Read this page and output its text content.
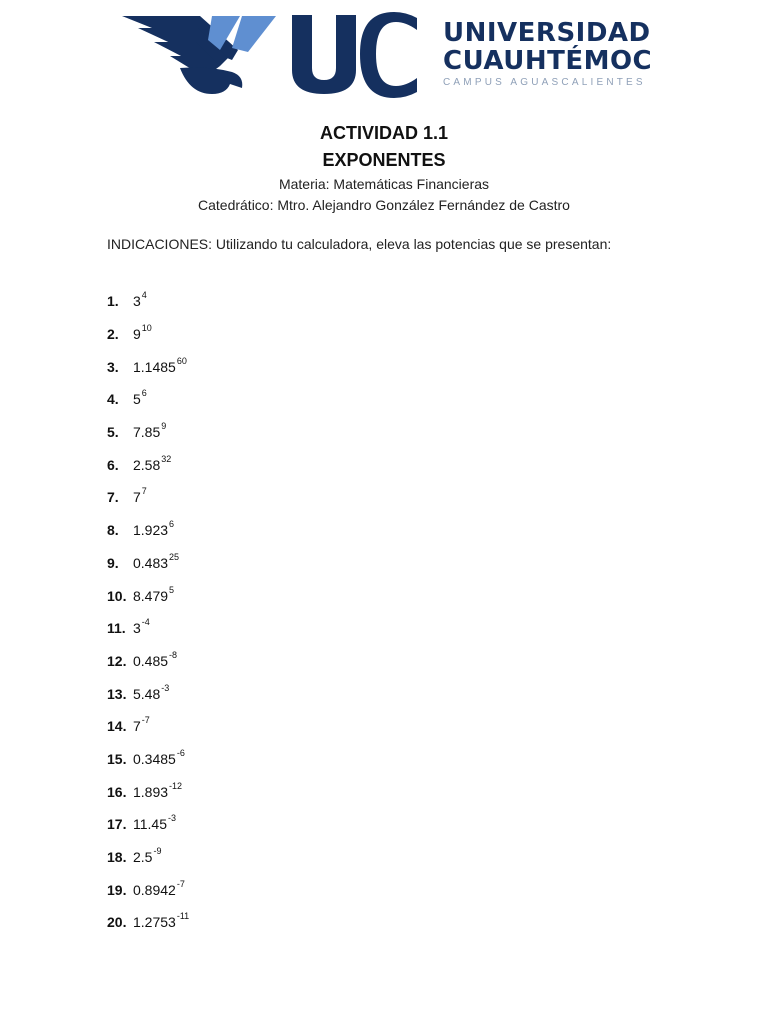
UNIVERSIDAD
CUAUHTÉMOC
CAMPUS AGUASCALIENTES
ACTIVIDAD 1.1
EXPONENTES
Materia: Matemáticas Financieras
Catedrático: Mtro. Alejandro González Fernández de Castro
INDICACIONES: Utilizando tu calculadora, eleva las potencias que se presentan:
1.	3 4
2.	9 10
3.	1.1485 60
4.	5 6
5.	7.85 9
6.	2.58 32
7.	7 7
8.	1.923 6
9.	0.483 25
10. 8.479 5
11. 3 -4
12. 0.485 -8
13. 5.48 -3
14. 7 -7
15. 0.3485 -6
16. 1.893 -12
17. 11.45 -3
18. 2.5 -9
19. 0.8942 -7
20. 1.2753 -11
